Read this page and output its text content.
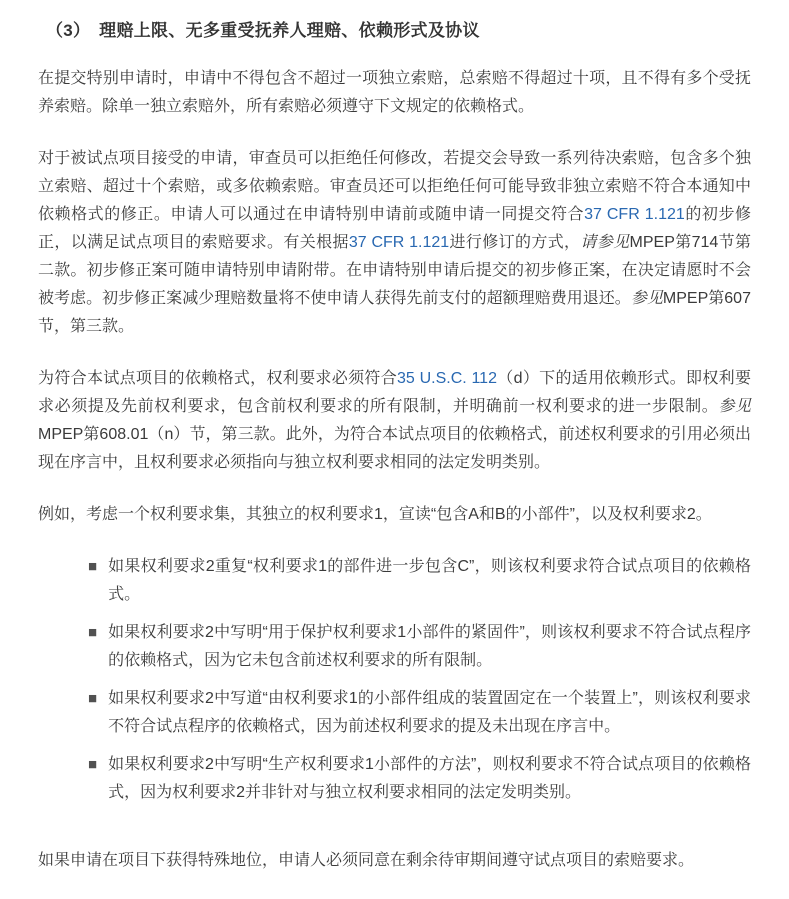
（3）　理赔上限、无多重受抚养人理赔、依赖形式及协议

在提交特别申请时，申请中不得包含不超过一项独立索赔，总索赔不得超过十项，且不得有多个受抚养索赔。除单一独立索赔外，所有索赔必须遵守下文规定的依赖格式。

对于被试点项目接受的申请，审查员可以拒绝任何修改，若提交会导致一系列待决索赔，包含多个独立索赔、超过十个索赔，或多依赖索赔。审查员还可以拒绝任何可能导致非独立索赔不符合本通知中依赖格式的修正。申请人可以通过在申请特别申请前或随申请一同提交符合37 CFR 1.121的初步修正，以满足试点项目的索赔要求。有关根据37 CFR 1.121进行修订的方式，请参见MPEP第714节第二款。初步修正案可随申请特别申请附带。在申请特别申请后提交的初步修正案，在决定请愿时不会被考虑。初步修正案减少理赔数量将不使申请人获得先前支付的超额理赔费用退还。参见MPEP第607节，第三款。

为符合本试点项目的依赖格式，权利要求必须符合35 U.S.C. 112（d）下的适用依赖形式。即权利要求必须提及先前权利要求，包含前权利要求的所有限制，并明确前一权利要求的进一步限制。参见MPEP第608.01（n）节，第三款。此外，为符合本试点项目的依赖格式，前述权利要求的引用必须出现在序言中，且权利要求必须指向与独立权利要求相同的法定发明类别。

例如，考虑一个权利要求集，其独立的权利要求1，宣读“包含A和B的小部件”，以及权利要求2。

■ 如果权利要求2重复“权利要求1的部件进一步包含C”，则该权利要求符合试点项目的依赖格式。
■ 如果权利要求2中写明“用于保护权利要求1小部件的紧固件”，则该权利要求不符合试点程序的依赖格式，因为它未包含前述权利要求的所有限制。
■ 如果权利要求2中写道“由权利要求1的小部件组成的装置固定在一个装置上”，则该权利要求不符合试点程序的依赖格式，因为前述权利要求的提及未出现在序言中。
■ 如果权利要求2中写明“生产权利要求1小部件的方法”，则权利要求不符合试点项目的依赖格式，因为权利要求2并非针对与独立权利要求相同的法定发明类别。

如果申请在项目下获得特殊地位，申请人必须同意在剩余待审期间遵守试点项目的索赔要求。
